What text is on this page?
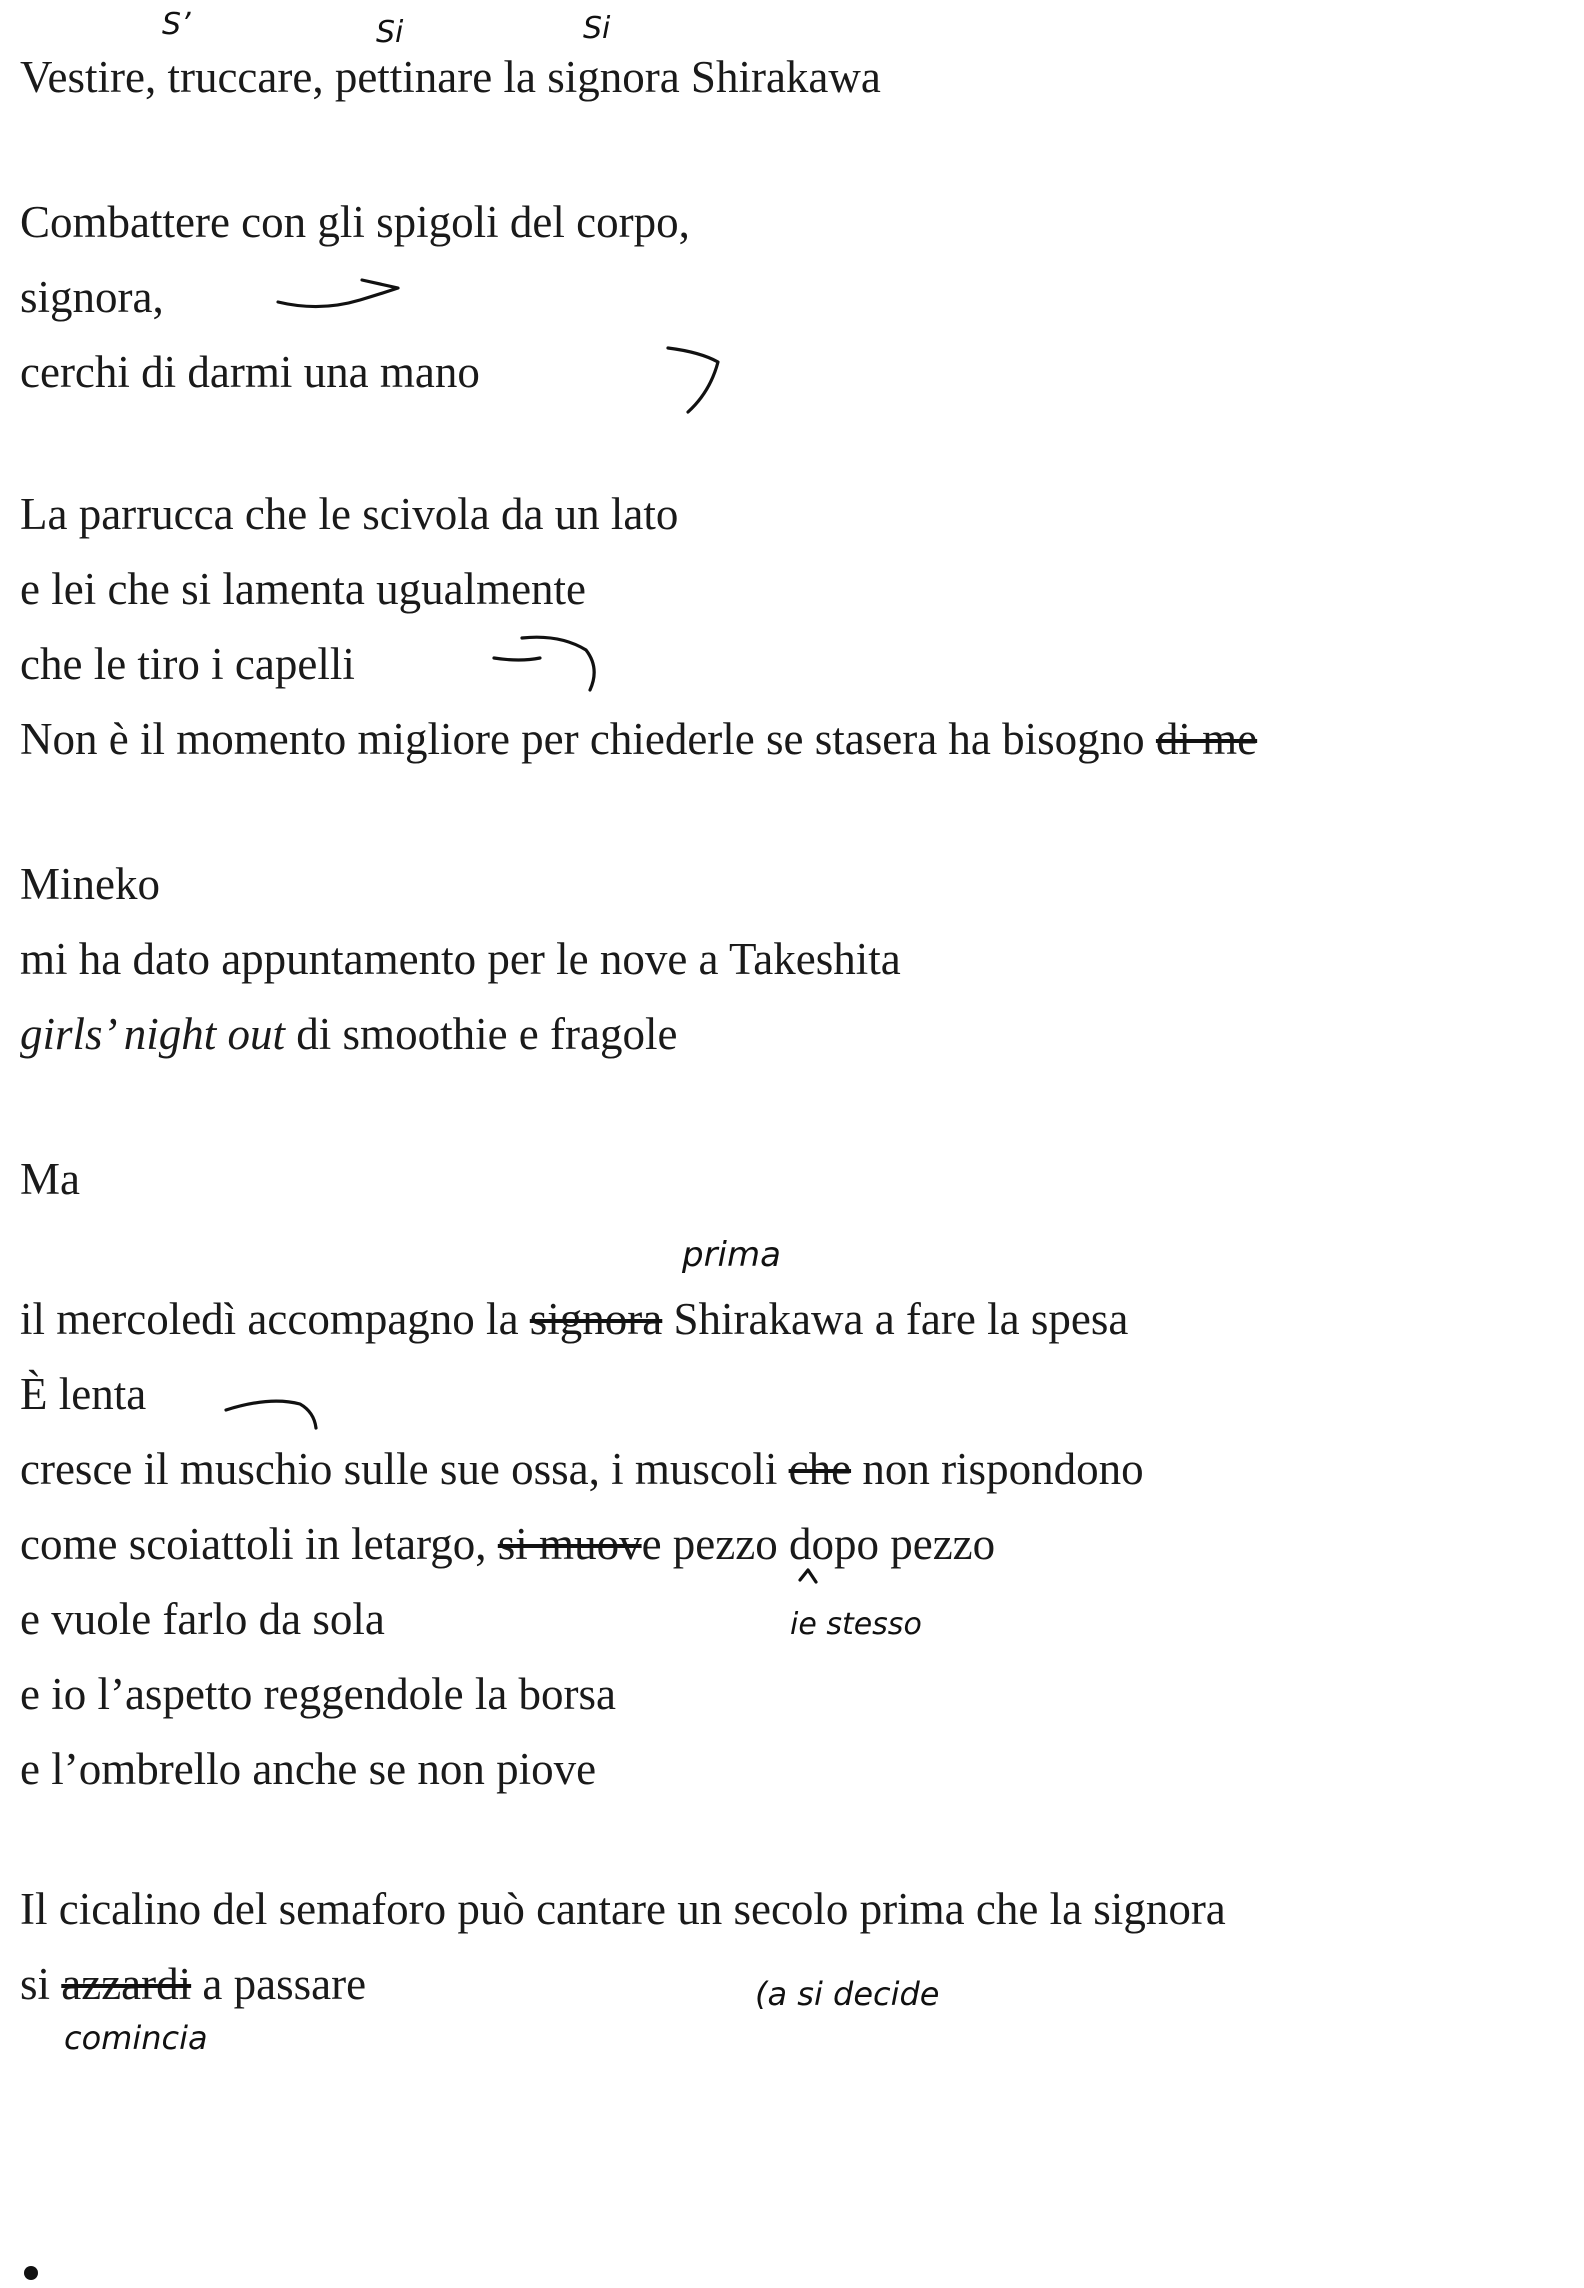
Vestire, truccare, pettinare la signora Shirakawa
Combattere con gli spigoli del corpo,
signora,
cerchi di darmi una mano
La parrucca che le scivola da un lato
e lei che si lamenta ugualmente
che le tiro i capelli
Non è il momento migliore per chiederle se stasera ha bisogno di me
Mineko
mi ha dato appuntamento per le nove a Takeshita
girls’ night out di smoothie e fragole
Ma
il mercoledì accompagno la signora Shirakawa a fare la spesa
È lenta
cresce il muschio sulle sue ossa, i muscoli che non rispondono
come scoiattoli in letargo, si muove pezzo dopo pezzo
e vuole farlo da sola
e io l’aspetto reggendole la borsa
e l’ombrello anche se non piove
Il cicalino del semaforo può cantare un secolo prima che la signora
si azzardi a passare
S’	Si	Si
prima
ie stesso
(a si decide
comincia
